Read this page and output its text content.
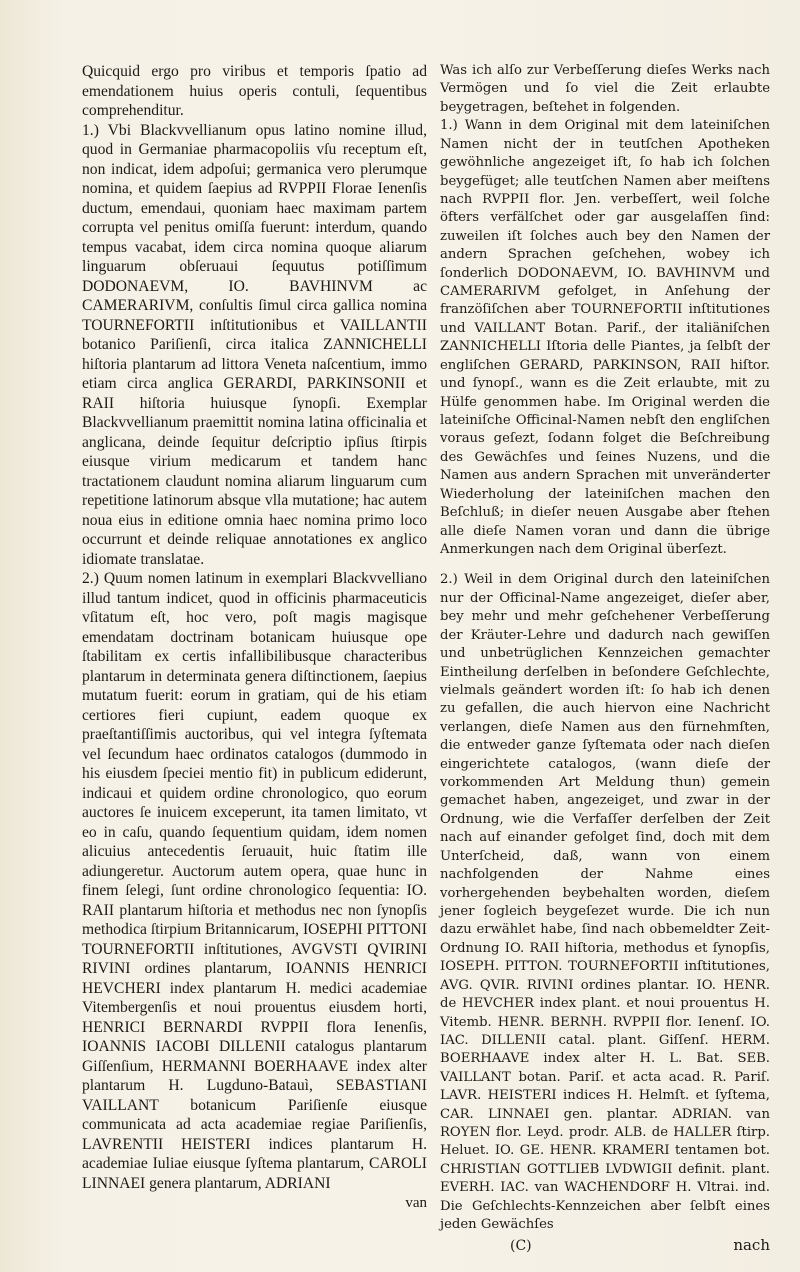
Quicquid ergo pro viribus et temporis ſpatio ad emendationem huius operis contuli, ſequentibus comprehenditur.

1.) Vbi Blackvvellianum opus latino nomine illud, quod in Germaniae pharmacopoliis vſu receptum eſt, non indicat, idem adpoſui; germanica vero plerumque nomina, et quidem ſaepius ad RVPPII Florae Ienenſis ductum, emendaui, quoniam haec maximam partem corrupta vel penitus omiſſa fuerunt: interdum, quando tempus vacabat, idem circa nomina quoque aliarum linguarum obſeruaui ſequutus potiſſimum DODONAEVM, IO. BAVHINVM ac CAMERARIVM, conſultis ſimul circa gallica nomina TOURNEFORTII inſtitutionibus et VAILLANTII botanico Pariſienſi, circa italica ZANNICHELLI hiſtoria plantarum ad littora Veneta naſcentium, immo etiam circa anglica GERARDI, PARKINSONII et RAII hiſtoria huiusque ſynopſi. Exemplar Blackvvellianum praemittit nomina latina officinalia et anglicana, deinde ſequitur deſcriptio ipſius ſtirpis eiusque virium medicarum et tandem hanc tractationem claudunt nomina aliarum linguarum cum repetitione latinorum absque vlla mutatione; hac autem noua eius in editione omnia haec nomina primo loco occurrunt et deinde reliquae annotationes ex anglico idiomate translatae.

2.) Quum nomen latinum in exemplari Blackvvelliano illud tantum indicet, quod in officinis pharmaceuticis vſitatum eſt, hoc vero, poſt magis magisque emendatam doctrinam botanicam huiusque ope ſtabilitam ex certis infallibilibusque characteribus plantarum in determinata genera diſtinctionem, ſaepius mutatum fuerit: eorum in gratiam, qui de his etiam certiores fieri cupiunt, eadem quoque ex praeſtantiſſimis auctoribus, qui vel integra ſyſtemata vel ſecundum haec ordinatos catalogos (dummodo in his eiusdem ſpeciei mentio fit) in publicum ediderunt, indicaui et quidem ordine chronologico, quo eorum auctores ſe inuicem exceperunt, ita tamen limitato, vt eo in caſu, quando ſequentium quidam, idem nomen alicuius antecedentis ſeruauit, huic ſtatim ille adiungeretur. Auctorum autem opera, quae hunc in finem ſelegi, ſunt ordine chronologico ſequentia: IO. RAII plantarum hiſtoria et methodus nec non ſynopſis methodica ſtirpium Britannicarum, IOSEPHI PITTONI TOURNEFORTII inſtitutiones, AVGVSTI QVIRINI RIVINI ordines plantarum, IOANNIS HENRICI HEVCHERI index plantarum H. medici academiae Vitembergenſis et noui prouentus eiusdem horti, HENRICI BERNARDI RVPPII flora Ienenſis, IOANNIS IACOBI DILLENII catalogus plantarum Giſſenſium, HERMANNI BOERHAAVE index alter plantarum H. Lugduno-Batauì, SEBASTIANI VAILLANT botanicum Pariſienſe eiusque communicata ad acta academiae regiae Pariſienſis, LAVRENTII HEISTERI indices plantarum H. academiae Iuliae eiusque ſyſtema plantarum, CAROLI LINNAEI genera plantarum, ADRIANI

van

Was ich alſo zur Verbeſſerung dieſes Werks nach Vermögen und ſo viel die Zeit erlaubte beygetragen, beſtehet in folgenden.

1.) Wann in dem Original mit dem lateiniſchen Namen nicht der in teutſchen Apotheken gewöhnliche angezeiget iſt, ſo hab ich ſolchen beygefüget; alle teutſchen Namen aber meiſtens nach RVPPII flor. Jen. verbeſſert, weil ſolche öfters verfälſchet oder gar ausgelaſſen ſind: zuweilen iſt ſolches auch bey den Namen der andern Sprachen geſchehen, wobey ich ſonderlich DODONAEVM, IO. BAVHINVM und CAMERARIVM gefolget, in Anſehung der franzöſiſchen aber TOURNEFORTII inſtitutiones und VAILLANT Botan. Parif., der italiäniſchen ZANNICHELLI Iſtoria delle Piantes, ja ſelbſt der engliſchen GERARD, PARKINSON, RAII hiſtor. und ſynopſ., wann es die Zeit erlaubte, mit zu Hülfe genommen habe. Im Original werden die lateiniſche Officinal-Namen nebſt den engliſchen voraus geſezt, ſodann folget die Beſchreibung des Gewächſes und ſeines Nuzens, und die Namen aus andern Sprachen mit unveränderter Wiederholung der lateiniſchen machen den Beſchluß; in dieſer neuen Ausgabe aber ſtehen alle dieſe Namen voran und dann die übrige Anmerkungen nach dem Original überſezt.

2.) Weil in dem Original durch den lateiniſchen nur der Officinal-Name angezeiget, dieſer aber, bey mehr und mehr geſchehener Verbeſſerung der Kräuter-Lehre und dadurch nach gewiſſen und unbetrüglichen Kennzeichen gemachter Eintheilung derſelben in beſondere Geſchlechte, vielmals geändert worden iſt: ſo hab ich denen zu gefallen, die auch hiervon eine Nachricht verlangen, dieſe Namen aus den fürnehmſten, die entweder ganze ſyſtemata oder nach dieſen eingerichtete catalogos, (wann dieſe der vorkommenden Art Meldung thun) gemein gemachet haben, angezeiget, und zwar in der Ordnung, wie die Verfaſſer derſelben der Zeit nach auf einander gefolget ſind, doch mit dem Unterſcheid, daß, wann von einem nachfolgenden der Nahme eines vorhergehenden beybehalten worden, dieſem jener ſogleich beygeſezet wurde. Die ich nun dazu erwählet habe, ſind nach obbemeldter Zeit-Ordnung IO. RAII hiſtoria, methodus et ſynopſis, IOSEPH. PITTON. TOURNEFORTII inſtitutiones, AVG. QVIR. RIVINI ordines plantar. IO. HENR. de HEVCHER index plant. et noui prouentus H. Vitemb. HENR. BERNH. RVPPII flor. Ienenſ. IO. IAC. DILLENII catal. plant. Giſſenſ. HERM. BOERHAAVE index alter H. L. Bat. SEB. VAILLANT botan. Pariſ. et acta acad. R. Pariſ. LAVR. HEISTERI indices H. Helmſt. et ſyſtema, CAR. LINNAEI gen. plantar. ADRIAN. van ROYEN flor. Leyd. prodr. ALB. de HALLER ſtirp. Heluet. IO. GE. HENR. KRAMERI tentamen bot. CHRISTIAN GOTTLIEB LVDWIGII definit. plant. EVERH. IAC. van WACHENDORF H. Vltrai. ind. Die Geſchlechts-Kennzeichen aber ſelbſt eines jeden Gewächſes

(C)	nach
